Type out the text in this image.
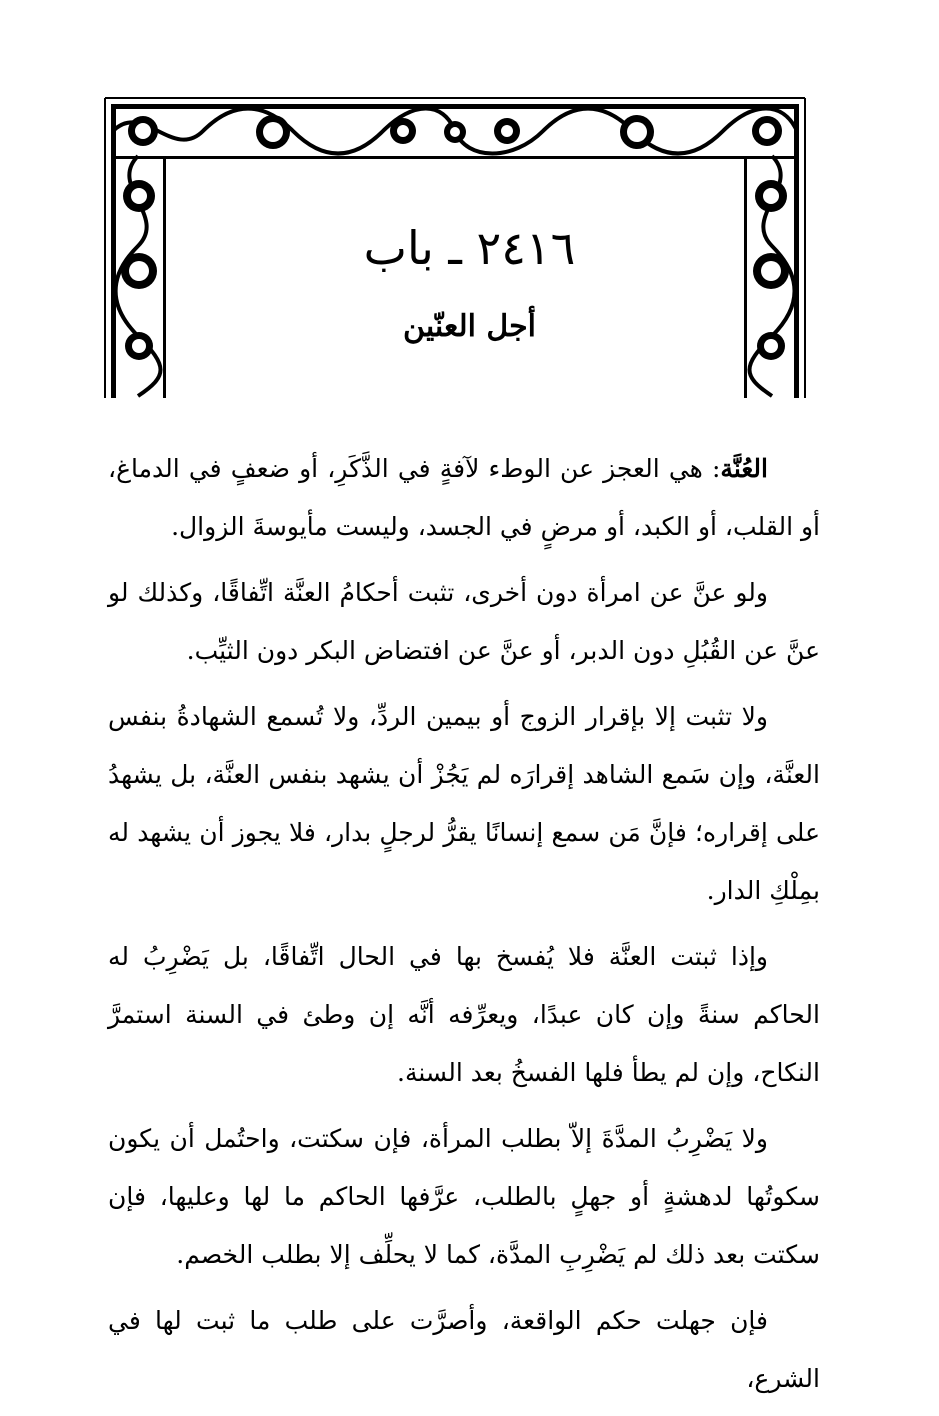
٢٤١٦ ـ باب
أجل العنّين

العُنَّة: هي العجز عن الوطء لآفةٍ في الذَّكَرِ، أو ضعفٍ في الدماغ، أو القلب، أو الكبد، أو مرضٍ في الجسد، وليست مأيوسةَ الزوال.

ولو عنَّ عن امرأة دون أخرى، تثبت أحكامُ العنَّة اتِّفاقًا، وكذلك لو عنَّ عن القُبُلِ دون الدبر، أو عنَّ عن افتضاض البكر دون الثيِّب.

ولا تثبت إلا بإقرار الزوج أو بيمين الردِّ، ولا تُسمع الشهادةُ بنفس العنَّة، وإن سَمع الشاهد إقرارَه لم يَجُزْ أن يشهد بنفس العنَّة، بل يشهدُ على إقراره؛ فإنَّ مَن سمع إنسانًا يقرُّ لرجلٍ بدار، فلا يجوز أن يشهد له بمِلْكِ الدار.

وإذا ثبتت العنَّة فلا يُفسخ بها في الحال اتِّفاقًا، بل يَضْرِبُ له الحاكم سنةً وإن كان عبدًا، ويعرِّفه أنَّه إن وطئ في السنة استمرَّ النكاح، وإن لم يطأ فلها الفسخُ بعد السنة.

ولا يَضْرِبُ المدَّةَ إلاّ بطلب المرأة، فإن سكتت، واحتُمل أن يكون سكوتُها لدهشةٍ أو جهلٍ بالطلب، عرَّفها الحاكم ما لها وعليها، فإن سكتت بعد ذلك لم يَضْرِبِ المدَّة، كما لا يحلِّف إلا بطلب الخصم.

فإن جهلت حكم الواقعة، وأصرَّت على طلب ما ثبت لها في الشرع،
